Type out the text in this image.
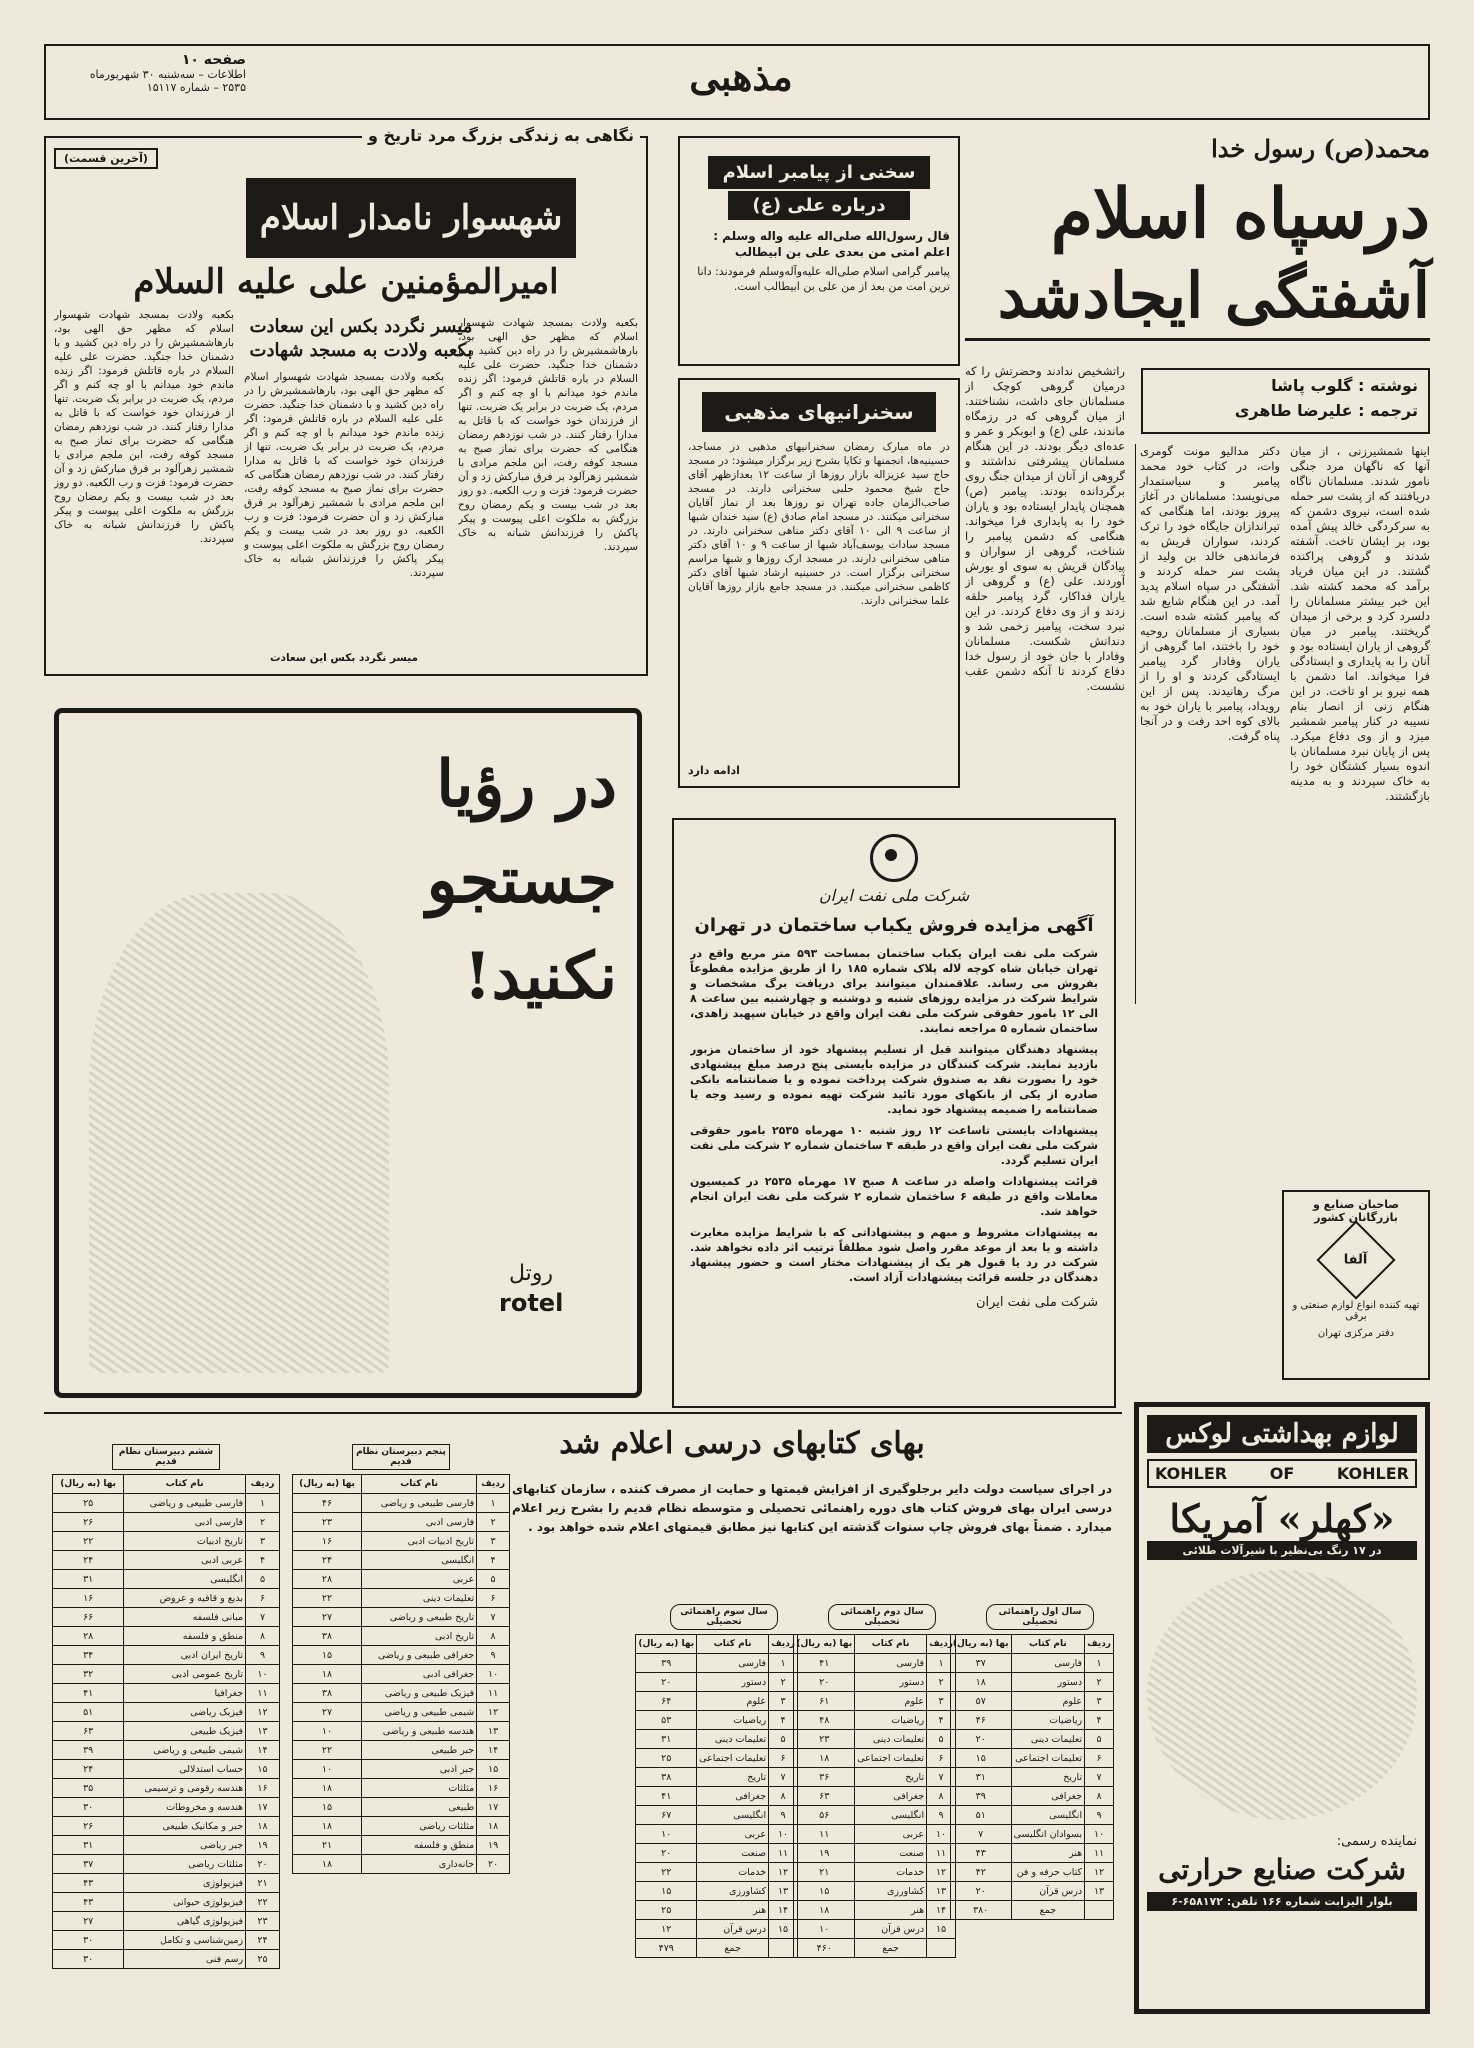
صفحه ۱۰
اطلاعات – سه‌شنبه ۳۰ شهریورماه
۲۵۳۵ – شماره ۱۵۱۱۷	مذهبی
محمد(ص) رسول خدا
درسپاه اسلام
آشفتگی ایجادشد
نوشته : گلوب پاشا
ترجمه : علیرضا طاهری
اینها شمشیرزنی ، از میان آنها که ناگهان مرد جنگی نامور شدند. مسلمانان ناگاه دریافتند که از پشت سر حمله شده است، نیروی دشمن که به سرکردگی خالد پیش آمده بود، بر ایشان تاخت. آشفته شدند و گروهی پراکنده گشتند. در این میان فریاد برآمد که محمد کشته شد. این خبر بیشتر مسلمانان را دلسرد کرد و برخی از میدان گریختند. پیامبر در میان گروهی از یاران ایستاده بود و آنان را به پایداری و ایستادگی فرا میخواند. اما دشمن با همه نیرو بر او تاخت. در این هنگام زنی از انصار بنام نسیبه در کنار پیامبر شمشیر میزد و از وی دفاع میکرد. پس از پایان نبرد مسلمانان با اندوه بسیار کشتگان خود را به خاک سپردند و به مدینه بازگشتند.
دکتر مدالیو مونت گومری وات، در کتاب خود محمد پیامبر و سیاستمدار می‌نویسد: مسلمانان در آغاز پیروز بودند، اما هنگامی که تیراندازان جایگاه خود را ترک کردند، سواران قریش به فرماندهی خالد بن ولید از پشت سر حمله کردند و آشفتگی در سپاه اسلام پدید آمد. در این هنگام شایع شد که پیامبر کشته شده است. بسیاری از مسلمانان روحیه خود را باختند، اما گروهی از یاران وفادار گرد پیامبر ایستادگی کردند و او را از مرگ رهانیدند. پس از این رویداد، پیامبر با یاران خود به بالای کوه احد رفت و در آنجا پناه گرفت.
راتشخیص ندادند وحضرتش را که درمیان گروهی کوچک از مسلمانان جای داشت، نشناختند. از میان گروهی که در رزمگاه ماندند، علی (ع) و ابوبکر و عمر و عده‌ای دیگر بودند. در این هنگام مسلمانان پیشرفتی نداشتند و گروهی از آنان از میدان جنگ روی برگردانده بودند. پیامبر (ص) همچنان پایدار ایستاده بود و یاران خود را به پایداری فرا میخواند. هنگامی که دشمن پیامبر را شناخت، گروهی از سواران و پیادگان قریش به سوی او یورش آوردند. علی (ع) و گروهی از یاران فداکار، گرد پیامبر حلقه زدند و از وی دفاع کردند. در این نبرد سخت، پیامبر زخمی شد و دندانش شکست. مسلمانان وفادار با جان خود از رسول خدا دفاع کردند تا آنکه دشمن عقب نشست.
صاحبان صنایع و بازرگانان کشور
آلفا
تهیه کننده انواع لوازم صنعتی و برقی
دفتر مرکزی تهران
سخنی از پیامبر اسلام
درباره علی (ع)
قال رسول‌الله صلی‌اله علیه واله وسلم : اعلم امتی من بعدی علی بن ابیطالب
پیامبر گرامی اسلام صلی‌اله علیه‌وآله‌وسلم فرمودند: دانا ترین امت من بعد از من علی بن ابیطالب است.
سخنرانیهای مذهبی
در ماه مبارک رمضان سخنرانیهای مذهبی در مساجد، حسینیه‌ها، انجمنها و تکایا بشرح زیر برگزار میشود: در مسجد حاج سید عزیزاله بازار روزها از ساعت ۱۲ بعدازظهر آقای حاج شیخ محمود حلبی سخنرانی دارند. در مسجد صاحب‌الزمان جاده تهران نو روزها بعد از نماز آقایان سخنرانی میکنند. در مسجد امام صادق (ع) سید خندان شبها از ساعت ۹ الی ۱۰ آقای دکتر مناهی سخنرانی دارند. در مسجد سادات یوسف‌آباد شبها از ساعت ۹ و ۱۰ آقای دکتر مناهی سخنرانی دارند. در مسجد ارک روزها و شبها مراسم سخنرانی برگزار است. در حسینیه ارشاد شبها آقای دکتر کاظمی سخنرانی میکنند. در مسجد جامع بازار روزها آقایان علما سخنرانی دارند.
ادامه دارد
نگاهی به زندگی بزرگ مرد تاریخ و
(آخرین قسمت)
شهسوار نامدار اسلام
امیرالمؤمنین علی علیه السلام
میسر نگردد بکس این سعادت
بکعبه ولادت به مسجد شهادت
بکعبه ولادت بمسجد شهادت شهسوار اسلام که مظهر حق الهی بود، بارهاشمشیرش را در راه دین کشید و با دشمنان خدا جنگید. حضرت علی علیه السلام در باره قاتلش فرمود: اگر زنده ماندم خود میدانم با او چه کنم و اگر مردم، یک ضربت در برابر یک ضربت. تنها از فرزندان خود خواست که با قاتل به مدارا رفتار کنند. در شب نوزدهم رمضان هنگامی که حضرت برای نماز صبح به مسجد کوفه رفت، ابن ملجم مرادی با شمشیر زهرآلود بر فرق مبارکش زد و آن حضرت فرمود: فزت و رب الکعبه. دو روز بعد در شب بیست و یکم رمضان روح بزرگش به ملکوت اعلی پیوست و پیکر پاکش را فرزندانش شبانه به خاک سپردند.
بکعبه ولادت بمسجد شهادت شهسوار اسلام که مظهر حق الهی بود، بارهاشمشیرش را در راه دین کشید و با دشمنان خدا جنگید. حضرت علی علیه السلام در باره قاتلش فرمود: اگر زنده ماندم خود میدانم با او چه کنم و اگر مردم، یک ضربت در برابر یک ضربت. تنها از فرزندان خود خواست که با قاتل به مدارا رفتار کنند. در شب نوزدهم رمضان هنگامی که حضرت برای نماز صبح به مسجد کوفه رفت، ابن ملجم مرادی با شمشیر زهرآلود بر فرق مبارکش زد و آن حضرت فرمود: فزت و رب الکعبه. دو روز بعد در شب بیست و یکم رمضان روح بزرگش به ملکوت اعلی پیوست و پیکر پاکش را فرزندانش شبانه به خاک سپردند.
بکعبه ولادت بمسجد شهادت شهسوار اسلام که مظهر حق الهی بود، بارهاشمشیرش را در راه دین کشید و با دشمنان خدا جنگید. حضرت علی علیه السلام در باره قاتلش فرمود: اگر زنده ماندم خود میدانم با او چه کنم و اگر مردم، یک ضربت در برابر یک ضربت. تنها از فرزندان خود خواست که با قاتل به مدارا رفتار کنند. در شب نوزدهم رمضان هنگامی که حضرت برای نماز صبح به مسجد کوفه رفت، ابن ملجم مرادی با شمشیر زهرآلود بر فرق مبارکش زد و آن حضرت فرمود: فزت و رب الکعبه. دو روز بعد در شب بیست و یکم رمضان روح بزرگش به ملکوت اعلی پیوست و پیکر پاکش را فرزندانش شبانه به خاک سپردند.
میسر نگردد بکس این سعادت
در رؤیا
جستجو
نکنید!
روتل
rotel
شرکت ملی نفت ایران
آگهی مزایده فروش یکباب ساختمان در تهران
شرکت ملی نفت ایران یکباب ساختمان بمساحت ۵۹۳ متر مربع واقع در تهران خیابان شاه کوچه لاله پلاک شماره ۱۸۵ را از طریق مزایده مقطوعاً بفروش می رساند. علاقمندان میتوانند برای دریافت برگ مشخصات و شرایط شرکت در مزایده روزهای شنبه و دوشنبه و چهارشنبه بین ساعت ۸ الی ۱۲ بامور حقوقی شرکت ملی نفت ایران واقع در خیابان سپهبد زاهدی، ساختمان شماره ۵ مراجعه نمایند.
پیشنهاد دهندگان میتوانند قبل از تسلیم پیشنهاد خود از ساختمان مزبور بازدید نمایند. شرکت کنندگان در مزایده بایستی پنج درصد مبلغ پیشنهادی خود را بصورت نقد به صندوق شرکت پرداخت نموده و یا ضمانتنامه بانکی صادره از یکی از بانکهای مورد تائید شرکت تهیه نموده و رسید وجه یا ضمانتنامه را ضمیمه پیشنهاد خود نماید.
پیشنهادات بایستی تاساعت ۱۲ روز شنبه ۱۰ مهرماه ۲۵۳۵ بامور حقوقی شرکت ملی نفت ایران واقع در طبقه ۴ ساختمان شماره ۲ شرکت ملی نفت ایران تسلیم گردد.
قرائت پیشنهادات واصله در ساعت ۸ صبح ۱۷ مهرماه ۲۵۳۵ در کمیسیون معاملات واقع در طبقه ۶ ساختمان شماره ۲ شرکت ملی نفت ایران انجام خواهد شد.
به پیشنهادات مشروط و مبهم و پیشنهاداتی که با شرایط مزایده مغایرت داشته و یا بعد از موعد مقرر واصل شود مطلقاً ترتیب اثر داده نخواهد شد. شرکت در رد یا قبول هر یک از پیشنهادات مختار است و حضور پیشنهاد دهندگان در جلسه قرائت پیشنهادات آزاد است.
شرکت ملی نفت ایران
لوازم بهداشتی لوکس
KOHLER	OF	KOHLER
«کهلر» آمریکا
در ۱۷ رنگ بی‌نظیر با شیرآلات طلائی
نماینده رسمی:
شرکت صنایع حرارتی
بلوار الیزابت شماره ۱۶۶ تلفن: ۶۵۸۱۷۲-۶
بهای کتابهای درسی اعلام شد
در اجرای سیاست دولت دایر برجلوگیری از افزایش قیمتها و حمایت از مصرف کننده ، سازمان کتابهای درسی ایران بهای فروش کتاب های دوره راهنمائی تحصیلی و متوسطه نظام قدیم را بشرح زیر اعلام میدارد . ضمناً بهای فروش چاپ سنوات گذشته این کتابها نیز مطابق قیمتهای اعلام شده خواهد بود .
سال اول راهنمائی تحصیلی
ردیف	نام کتاب	بها (به ریال)
۱	فارسی	۳۷
۲	دستور	۱۸
۳	علوم	۵۷
۴	ریاضیات	۴۶
۵	تعلیمات دینی	۲۰
۶	تعلیمات اجتماعی	۱۵
۷	تاریخ	۳۱
۸	جغرافی	۳۹
۹	انگلیسی	۵۱
۱۰	بسوادان انگلیسی	۷
۱۱	هنر	۴۳
۱۲	کتاب حرفه و فن	۴۲
۱۳	درس قرآن	۲۰
	جمع	۳۸۰
سال دوم راهنمائی تحصیلی
ردیف	نام کتاب	بها (به ریال)
۱	فارسی	۴۱
۲	دستور	۲۰
۳	علوم	۶۱
۴	ریاضیات	۴۸
۵	تعلیمات دینی	۲۳
۶	تعلیمات اجتماعی	۱۸
۷	تاریخ	۳۶
۸	جغرافی	۶۳
۹	انگلیسی	۵۶
۱۰	عربی	۱۱
۱۱	صنعت	۱۹
۱۲	خدمات	۲۱
۱۳	کشاورزی	۱۵
۱۴	هنر	۱۸
۱۵	درس قرآن	۱۰
	جمع	۴۶۰
سال سوم راهنمائی تحصیلی
ردیف	نام کتاب	بها (به ریال)
۱	فارسی	۳۹
۲	دستور	۲۰
۳	علوم	۶۴
۴	ریاضیات	۵۳
۵	تعلیمات دینی	۳۱
۶	تعلیمات اجتماعی	۲۵
۷	تاریخ	۳۸
۸	جغرافی	۴۱
۹	انگلیسی	۶۷
۱۰	عربی	۱۰
۱۱	صنعت	۲۰
۱۲	خدمات	۲۲
۱۳	کشاورزی	۱۵
۱۴	هنر	۲۵
۱۵	درس قرآن	۱۲
	جمع	۴۷۹
پنجم دبیرستان نظام قدیم
ردیف	نام کتاب	بها (به ریال)
۱	فارسی طبیعی و ریاضی	۴۶
۲	فارسی ادبی	۲۳
۳	تاریخ ادبیات ادبی	۱۶
۴	انگلیسی	۲۴
۵	عربی	۲۸
۶	تعلیمات دینی	۲۲
۷	تاریخ طبیعی و ریاضی	۲۷
۸	تاریخ ادبی	۳۸
۹	جغرافی طبیعی و ریاضی	۱۵
۱۰	جغرافی ادبی	۱۸
۱۱	فیزیک طبیعی و ریاضی	۳۸
۱۲	شیمی طبیعی و ریاضی	۲۷
۱۳	هندسه طبیعی و ریاضی	۱۰
۱۴	جبر طبیعی	۲۲
۱۵	جبر ادبی	۱۰
۱۶	مثلثات	۱۸
۱۷	طبیعی	۱۵
۱۸	مثلثات ریاضی	۱۸
۱۹	منطق و فلسفه	۲۱
۲۰	خانه‌داری	۱۸
ششم دبیرستان نظام قدیم
ردیف	نام کتاب	بها (به ریال)
۱	فارسی طبیعی و ریاضی	۲۵
۲	فارسی ادبی	۲۶
۳	تاریخ ادبیات	۲۲
۴	عربی ادبی	۲۴
۵	انگلیسی	۳۱
۶	بدیع و قافیه و عروض	۱۶
۷	مبانی فلسفه	۶۶
۸	منطق و فلسفه	۲۸
۹	تاریخ ایران ادبی	۳۴
۱۰	تاریخ عمومی ادبی	۳۲
۱۱	جغرافیا	۴۱
۱۲	فیزیک ریاضی	۵۱
۱۳	فیزیک طبیعی	۶۳
۱۴	شیمی طبیعی و ریاضی	۳۹
۱۵	حساب استدلالی	۲۴
۱۶	هندسه رقومی و ترسیمی	۳۵
۱۷	هندسه و مخروطات	۳۰
۱۸	جبر و مکانیک طبیعی	۲۶
۱۹	جبر ریاضی	۳۱
۲۰	مثلثات ریاضی	۳۷
۲۱	فیزیولوژی	۴۳
۲۲	فیزیولوژی حیوانی	۴۳
۲۳	فیزیولوژی گیاهی	۲۷
۲۴	زمین‌شناسی و تکامل	۳۰
۲۵	رسم فنی	۳۰
